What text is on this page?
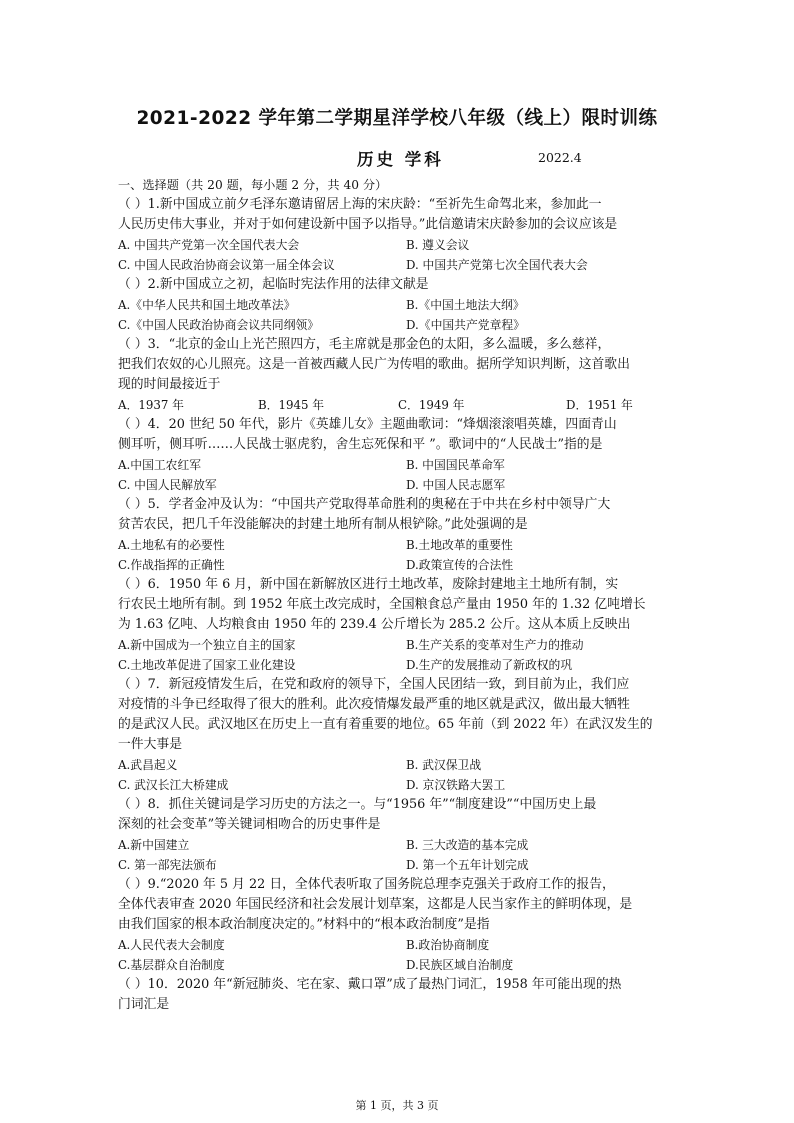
2021-2022 学年第二学期星洋学校八年级（线上）限时训练
历史 学科	2022.4
一、选择题（共 20 题，每小题 2 分，共 40 分）
（ ）1.新中国成立前夕毛泽东邀请留居上海的宋庆龄：“至祈先生命驾北来，参加此一
人民历史伟大事业，并对于如何建设新中国予以指导。”此信邀请宋庆龄参加的会议应该是
A. 中国共产党第一次全国代表大会	B. 遵义会议
C. 中国人民政治协商会议第一届全体会议	D. 中国共产党第七次全国代表大会
（ ）2.新中国成立之初，起临时宪法作用的法律文献是
A.《中华人民共和国土地改革法》	B.《中国土地法大纲》
C.《中国人民政治协商会议共同纲领》	D.《中国共产党章程》
（ ）3．“北京的金山上光芒照四方，毛主席就是那金色的太阳，多么温暖，多么慈祥，
把我们农奴的心儿照亮。这是一首被西藏人民广为传唱的歌曲。据所学知识判断，这首歌出
现的时间最接近于
A．1937 年	B．1945 年	C．1949 年	D．1951 年
（ ）4．20 世纪 50 年代，影片《英雄儿女》主题曲歌词：“烽烟滚滚唱英雄，四面青山
侧耳听，侧耳听……人民战士驱虎豹，舍生忘死保和平 ”。歌词中的“人民战士”指的是
A.中国工农红军	B. 中国国民革命军
C. 中国人民解放军	D. 中国人民志愿军
（ ）5．学者金冲及认为：“中国共产党取得革命胜利的奥秘在于中共在乡村中领导广大
贫苦农民，把几千年没能解决的封建土地所有制从根铲除。”此处强调的是
A.土地私有的必要性	B.土地改革的重要性
C.作战指挥的正确性	D.政策宣传的合法性
（ ）6．1950 年 6 月，新中国在新解放区进行土地改革，废除封建地主土地所有制，实
行农民土地所有制。到 1952 年底土改完成时，全国粮食总产量由 1950 年的 1.32 亿吨增长
为 1.63 亿吨、人均粮食由 1950 年的 239.4 公斤增长为 285.2 公斤。这从本质上反映出
A.新中国成为一个独立自主的国家	B.生产关系的变革对生产力的推动
C.土地改革促进了国家工业化建设	D.生产的发展推动了新政权的巩
（ ）7．新冠疫情发生后，在党和政府的领导下，全国人民团结一致，到目前为止，我们应
对疫情的斗争已经取得了很大的胜利。此次疫情爆发最严重的地区就是武汉，做出最大牺牲
的是武汉人民。武汉地区在历史上一直有着重要的地位。65 年前（到 2022 年）在武汉发生的
一件大事是
A.武昌起义	B. 武汉保卫战
C. 武汉长江大桥建成	D. 京汉铁路大罢工
（ ）8．抓住关键词是学习历史的方法之一。与“1956 年”“制度建设”“中国历史上最
深刻的社会变革”等关键词相吻合的历史事件是
A.新中国建立	B. 三大改造的基本完成
C. 第一部宪法颁布	D. 第一个五年计划完成
（ ）9.“2020 年 5 月 22 日，全体代表听取了国务院总理李克强关于政府工作的报告，
全体代表审查 2020 年国民经济和社会发展计划草案，这都是人民当家作主的鲜明体现，是
由我们国家的根本政治制度决定的。”材料中的“根本政治制度”是指
A.人民代表大会制度	B.政治协商制度
C.基层群众自治制度	D.民族区域自治制度
（ ）10．2020 年“新冠肺炎、宅在家、戴口罩”成了最热门词汇，1958 年可能出现的热
门词汇是
第 1 页，共 3 页
